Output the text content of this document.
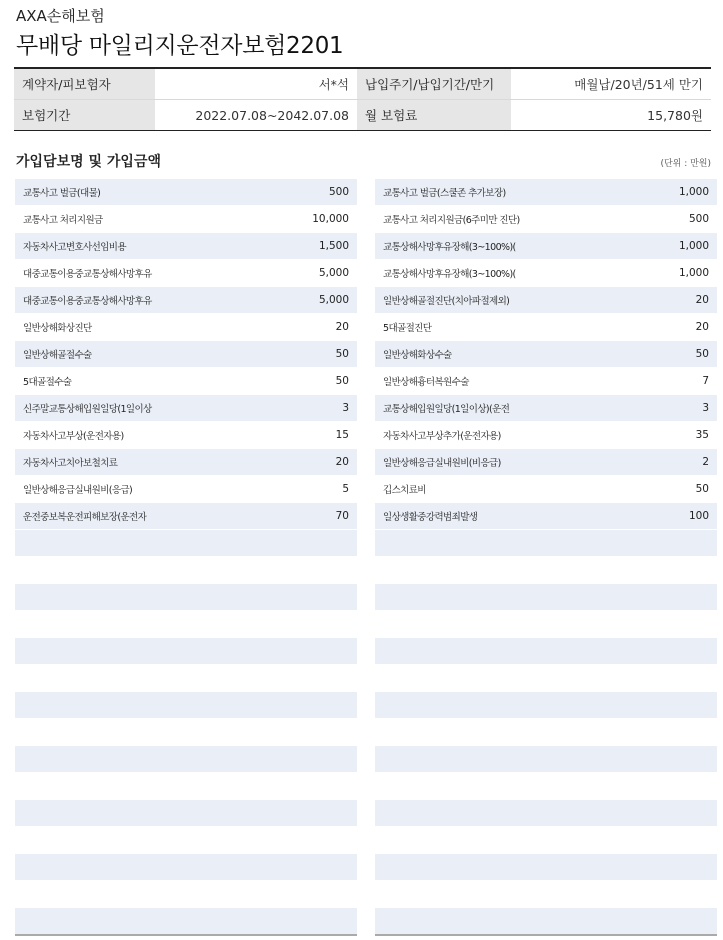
AXA손해보험
무배당 마일리지운전자보험2201
계약자/피보험자	서*석	납입주기/납입기간/만기	매월납/20년/51세 만기
보험기간	2022.07.08~2042.07.08	월 보험료	15,780원
가입담보명 및 가입금액	(단위 : 만원)
교통사고 벌금(대물)	500
교통사고 처리지원금	10,000
자동차사고변호사선임비용	1,500
대중교통이용중교통상해사망후유	5,000
대중교통이용중교통상해사망후유	5,000
일반상해화상진단	20
일반상해골절수술	50
5대골절수술	50
신주말교통상해입원일당(1일이상	3
자동차사고부상(운전자용)	15
자동차사고치아보철치료	20
일반상해응급실내원비(응급)	5
운전중보복운전피해보장(운전자	70
교통사고 벌금(스쿨존 추가보장)	1,000
교통사고 처리지원금(6주미만 진단)	500
교통상해사망후유장해(3~100%)(	1,000
교통상해사망후유장해(3~100%)(	1,000
일반상해골절진단(치아파절제외)	20
5대골절진단	20
일반상해화상수술	50
일반상해흉터복원수술	7
교통상해입원일당(1일이상)(운전	3
자동차사고부상추가(운전자용)	35
일반상해응급실내원비(비응급)	2
깁스치료비	50
일상생활중강력범죄발생	100
